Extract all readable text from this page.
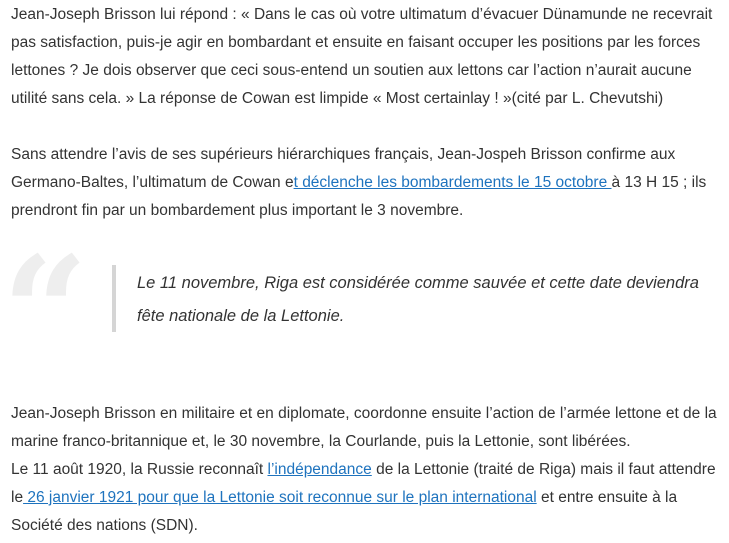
Jean-Joseph Brisson lui répond : « Dans le cas où votre ultimatum d’évacuer Dünamunde ne recevrait pas satisfaction, puis-je agir en bombardant et ensuite en faisant occuper les positions par les forces lettones ? Je dois observer que ceci sous-entend un soutien aux lettons car l’action n’aurait aucune utilité sans cela. » La réponse de Cowan est limpide « Most certainlay ! »(cité par L. Chevutshi)

Sans attendre l’avis de ses supérieurs hiérarchiques français, Jean-Jospeh Brisson confirme aux Germano-Baltes, l’ultimatum de Cowan et déclenche les bombardements le 15 octobre à 13 H 15 ; ils prendront fin par un bombardement plus important le 3 novembre.

“	Le 11 novembre, Riga est considérée comme sauvée et cette date deviendra fête nationale de la Lettonie.

Jean-Joseph Brisson en militaire et en diplomate, coordonne ensuite l’action de l’armée lettone et de la marine franco-britannique et, le 30 novembre, la Courlande, puis la Lettonie, sont libérées.

Le 11 août 1920, la Russie reconnaît l’indépendance de la Lettonie (traité de Riga) mais il faut attendre le 26 janvier 1921 pour que la Lettonie soit reconnue sur le plan international et entre ensuite à la Société des nations (SDN).
